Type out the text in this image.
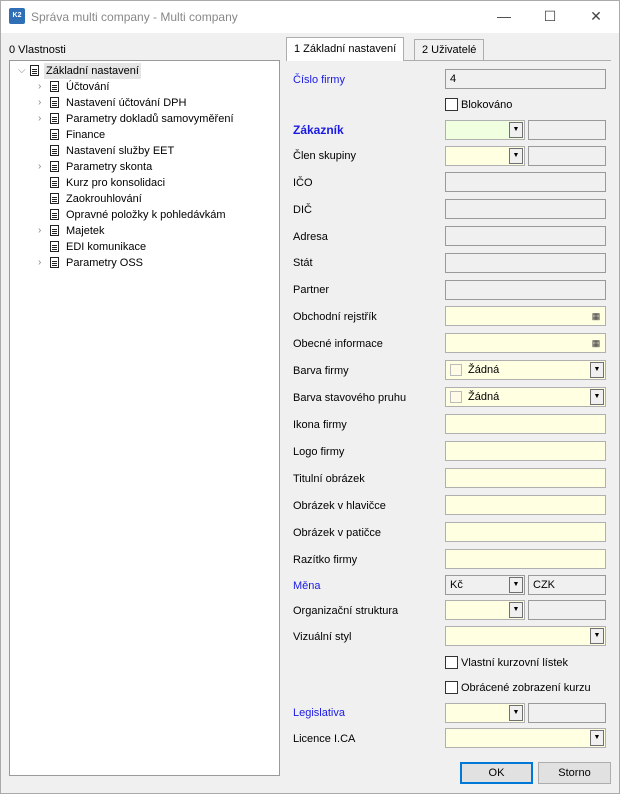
K2 Správa multi company - Multi company	—	☐	✕
0 Vlastnosti
⌵ Základní nastavení
›	Účtování
›	Nastavení účtování DPH
›	Parametry dokladů samovyměření
Finance
Nastavení služby EET
›	Parametry skonta
Kurz pro konsolidaci
Zaokrouhlování
Opravné položky k pohledávkám
›	Majetek
EDI komunikace
›	Parametry OSS
1 Základní nastavení	2 Uživatelé
Číslo firmy	4
Blokováno
Zákazník	▼
Člen skupiny	▼
IČO
DIČ
Adresa
Stát
Partner
Obchodní rejstřík	▦
Obecné informace	▦
Barva firmy	Žádná	▼
Barva stavového pruhu	Žádná	▼
Ikona firmy
Logo firmy
Titulní obrázek
Obrázek v hlavičce
Obrázek v patičce
Razítko firmy
Měna	Kč	▼	CZK
Organizační struktura	▼
Vizuální styl	▼
Vlastní kurzovní lístek
Obrácené zobrazení kurzu
Legislativa	▼
Licence I.CA	▼
OK	Storno
